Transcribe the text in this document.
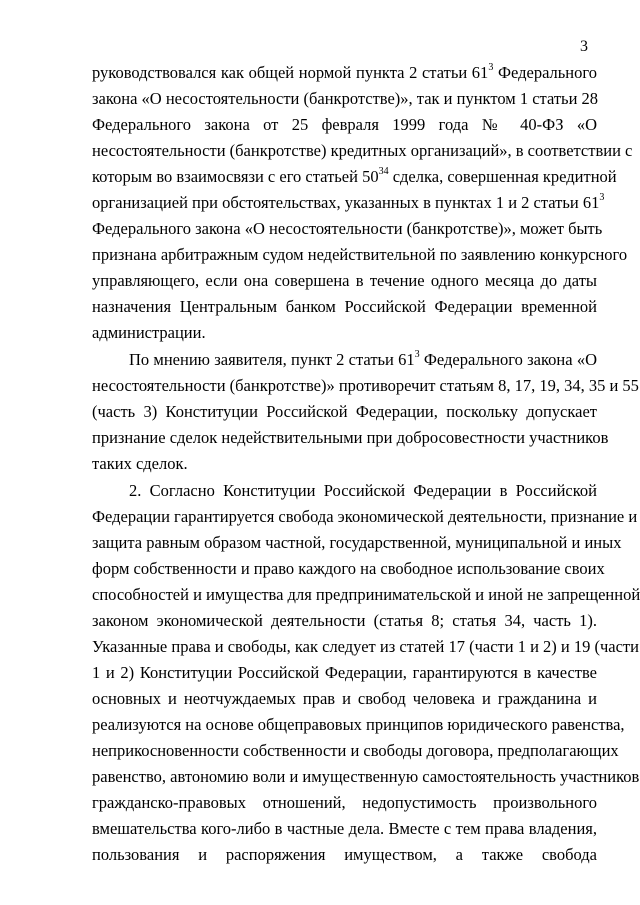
3
руководствовался как общей нормой пункта 2 статьи $61^3$ Федерального
закона «О несостоятельности (банкротстве)», так и пунктом 1 статьи 28
Федерального закона от 25 февраля 1999 года № 40-ФЗ «О
несостоятельности (банкротстве) кредитных организаций», в соответствии с
которым во взаимосвязи с его статьей $50^{34}$ сделка, совершенная кредитной
организацией при обстоятельствах, указанных в пунктах 1 и 2 статьи $61^3$
Федерального закона «О несостоятельности (банкротстве)», может быть
признана арбитражным судом недействительной по заявлению конкурсного
управляющего, если она совершена в течение одного месяца до даты
назначения Центральным банком Российской Федерации временной
администрации.
По мнению заявителя, пункт 2 статьи $61^3$ Федерального закона «О
несостоятельности (банкротстве)» противоречит статьям 8, 17, 19, 34, 35 и 55
(часть 3) Конституции Российской Федерации, поскольку допускает
признание сделок недействительными при добросовестности участников
таких сделок.
2. Согласно Конституции Российской Федерации в Российской
Федерации гарантируется свобода экономической деятельности, признание и
защита равным образом частной, государственной, муниципальной и иных
форм собственности и право каждого на свободное использование своих
способностей и имущества для предпринимательской и иной не запрещенной
законом экономической деятельности (статья 8; статья 34, часть 1).
Указанные права и свободы, как следует из статей 17 (части 1 и 2) и 19 (части
1 и 2) Конституции Российской Федерации, гарантируются в качестве
основных и неотчуждаемых прав и свобод человека и гражданина и
реализуются на основе общеправовых принципов юридического равенства,
неприкосновенности собственности и свободы договора, предполагающих
равенство, автономию воли и имущественную самостоятельность участников
гражданско-правовых отношений, недопустимость произвольного
вмешательства кого-либо в частные дела. Вместе с тем права владения,
пользования и распоряжения имуществом, а также свобода
